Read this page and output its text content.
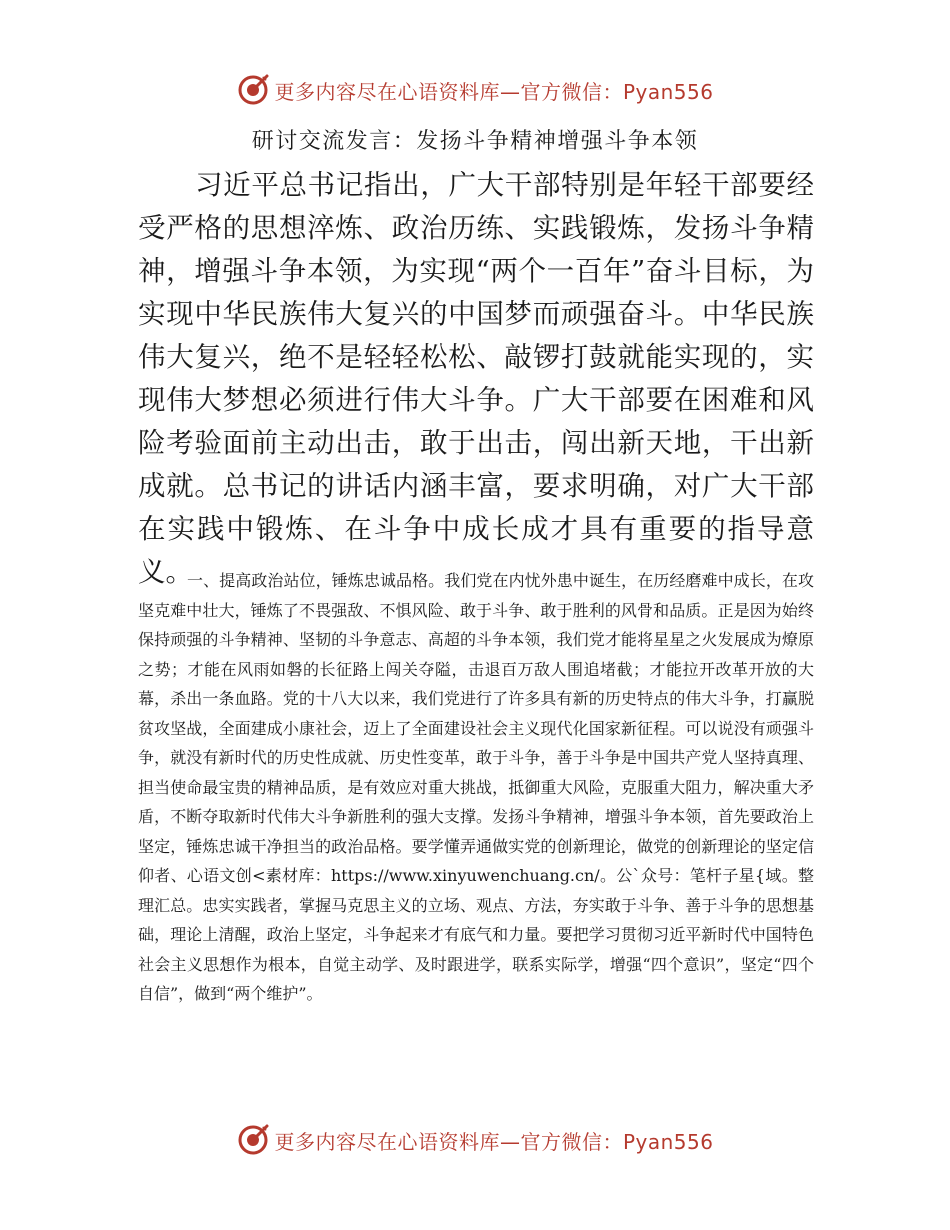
更多内容尽在心语资料库—官方微信：Pyan556
研讨交流发言：发扬斗争精神增强斗争本领

习近平总书记指出，广大干部特别是年轻干部要经受严格的思想淬炼、政治历练、实践锻炼，发扬斗争精神，增强斗争本领，为实现“两个一百年”奋斗目标，为实现中华民族伟大复兴的中国梦而顽强奋斗。中华民族伟大复兴，绝不是轻轻松松、敲锣打鼓就能实现的，实现伟大梦想必须进行伟大斗争。广大干部要在困难和风险考验面前主动出击，敢于出击，闯出新天地，干出新成就。总书记的讲话内涵丰富，要求明确，对广大干部在实践中锻炼、在斗争中成长成才具有重要的指导意义。

一、提高政治站位，锤炼忠诚品格。我们党在内忧外患中诞生，在历经磨难中成长，在攻坚克难中壮大，锤炼了不畏强敌、不惧风险、敢于斗争、敢于胜利的风骨和品质。正是因为始终保持顽强的斗争精神、坚韧的斗争意志、高超的斗争本领，我们党才能将星星之火发展成为燎原之势；才能在风雨如磐的长征路上闯关夺隘，击退百万敌人围追堵截；才能拉开改革开放的大幕，杀出一条血路。党的十八大以来，我们党进行了许多具有新的历史特点的伟大斗争，打赢脱贫攻坚战，全面建成小康社会，迈上了全面建设社会主义现代化国家新征程。可以说没有顽强斗争，就没有新时代的历史性成就、历史性变革，敢于斗争，善于斗争是中国共产党人坚持真理、担当使命最宝贵的精神品质，是有效应对重大挑战，抵御重大风险，克服重大阻力，解决重大矛盾，不断夺取新时代伟大斗争新胜利的强大支撑。发扬斗争精神，增强斗争本领，首先要政治上坚定，锤炼忠诚干净担当的政治品格。要学懂弄通做实党的创新理论，做党的创新理论的坚定信仰者、心语文创<素材库：https://www.xinyuwenchuang.cn/。公`众号：笔杆子星{域。整理汇总。忠实实践者，掌握马克思主义的立场、观点、方法，夯实敢于斗争、善于斗争的思想基础，理论上清醒，政治上坚定，斗争起来才有底气和力量。要把学习贯彻习近平新时代中国特色社会主义思想作为根本，自觉主动学、及时跟进学，联系实际学，增强“四个意识”，坚定“四个自信”，做到“两个维护”。

更多内容尽在心语资料库—官方微信：Pyan556
